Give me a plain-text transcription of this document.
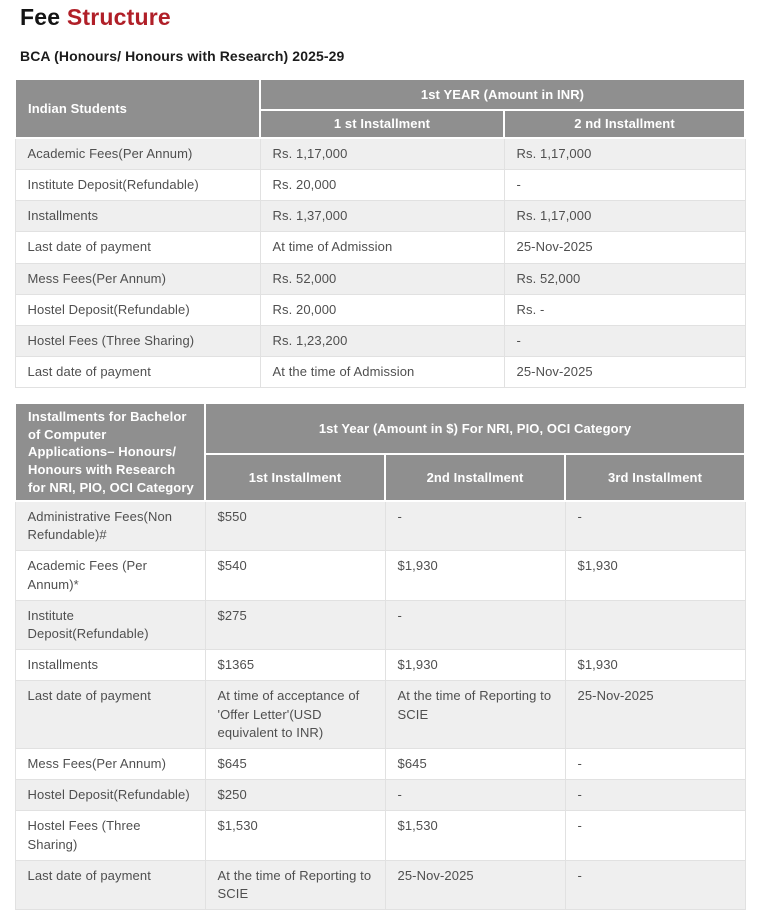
Fee Structure
BCA (Honours/ Honours with Research) 2025-29
Indian Students	1st YEAR (Amount in INR)	
	1 st Installment	2 nd Installment
Academic Fees(Per Annum)	Rs. 1,17,000	Rs. 1,17,000
Institute Deposit(Refundable)	Rs. 20,000	-
Installments	Rs. 1,37,000	Rs. 1,17,000
Last date of payment	At time of Admission	25-Nov-2025
Mess Fees(Per Annum)	Rs. 52,000	Rs. 52,000
Hostel Deposit(Refundable)	Rs. 20,000	Rs. -
Hostel Fees (Three Sharing)	Rs. 1,23,200	-
Last date of payment	At the time of Admission	25-Nov-2025
Installments for Bachelor of Computer Applications– Honours/ Honours with Research for NRI, PIO, OCI Category	1st Year (Amount in $) For NRI, PIO, OCI Category		
	1st Installment	2nd Installment	3rd Installment
Administrative Fees(Non Refundable)#	$550	-	-
Academic Fees (Per Annum)*	$540	$1,930	$1,930
Institute Deposit(Refundable)	$275	-	
Installments	$1365	$1,930	$1,930
Last date of payment	At time of acceptance of 'Offer Letter'(USD equivalent to INR)	At the time of Reporting to SCIE	25-Nov-2025
Mess Fees(Per Annum)	$645	$645	-
Hostel Deposit(Refundable)	$250	-	-
Hostel Fees (Three Sharing)	$1,530	$1,530	-
Last date of payment	At the time of Reporting to SCIE	25-Nov-2025	-
